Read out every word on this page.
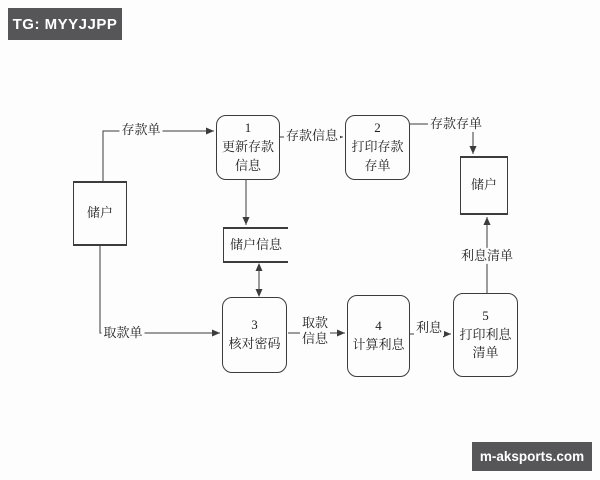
存款单	存款信息
存款存单
取款单
取款
信息
利息
利息清单
储户
储户
储户信息
1
更新存款
信息
2
打印存款
存单
3
核对密码
4
计算利息
5
打印利息
清单
TG: MYYJJPP
m-aksports.com
